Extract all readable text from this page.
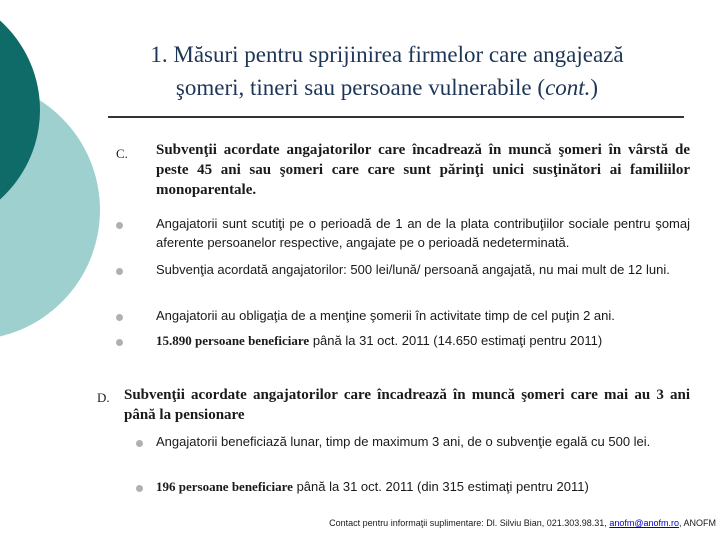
1. Măsuri pentru sprijinirea firmelor care angajează
şomeri, tineri sau persoane vulnerabile (cont.)
C. Subvenţii acordate angajatorilor care încadrează în muncă şomeri în vârstă de peste 45 ani sau şomeri care care sunt părinţi unici susţinători ai familiilor monoparentale.
Angajatorii sunt scutiţi pe o perioadă de 1 an de la plata contribuţiilor sociale pentru şomaj aferente persoanelor respective, angajate pe o perioadă nedeterminată.
Subvenţia acordată angajatorilor: 500 lei/lună/ persoană angajată, nu mai mult de 12 luni.
Angajatorii au obligaţia de a menţine şomerii în activitate timp de cel puţin 2 ani.
15.890 persoane beneficiare până la 31 oct. 2011 (14.650 estimaţi pentru 2011)
D. Subvenţii acordate angajatorilor care încadrează în muncă şomeri care mai au 3 ani până la pensionare
Angajatorii beneficiază lunar, timp de maximum 3 ani, de o subvenţie egală cu 500 lei.
196 persoane beneficiare până la 31 oct. 2011 (din 315 estimaţi pentru 2011)
Contact pentru informaţii suplimentare: Dl. Silviu Bian, 021.303.98.31, anofm@anofm.ro, ANOFM
